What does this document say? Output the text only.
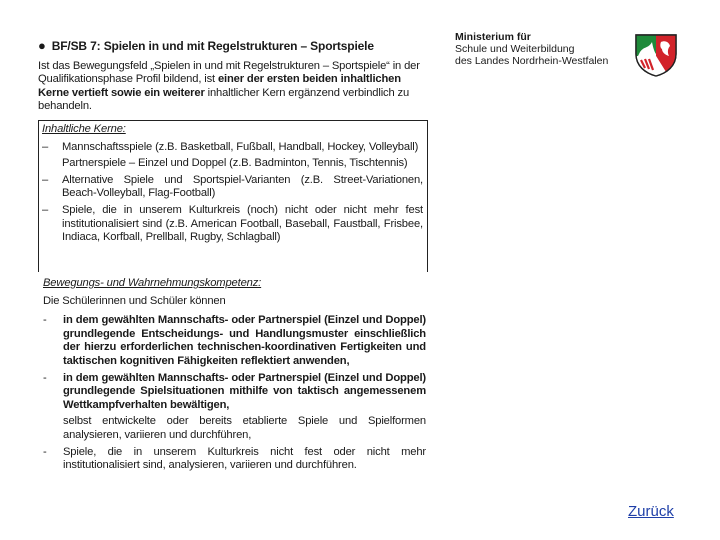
● BF/SB 7: Spielen in und mit Regelstrukturen – Sportspiele

Ist das Bewegungsfeld „Spielen in und mit Regelstrukturen – Sportspiele“ in der Qualifikationsphase Profil bildend, ist einer der ersten beiden inhaltlichen Kerne vertieft sowie ein weiterer inhaltlicher Kern ergänzend verbindlich zu behandeln.

Inhaltliche Kerne:
–	Mannschaftsspiele (z.B. Basketball, Fußball, Handball, Hockey, Volleyball)
Partnerspiele – Einzel und Doppel (z.B. Badminton, Tennis, Tischtennis)
–	Alternative Spiele und Sportspiel-Varianten (z.B. Street-Variationen, Beach-Volleyball, Flag-Football)
–	Spiele, die in unserem Kulturkreis (noch) nicht oder nicht mehr fest institutionalisiert sind (z.B. American Football, Baseball, Faustball, Frisbee, Indiaca, Korfball, Prellball, Rugby, Schlagball)
Bewegungs- und Wahrnehmungskompetenz:
Die Schülerinnen und Schüler können
-	in dem gewählten Mannschafts- oder Partnerspiel (Einzel und Doppel) grundlegende Entscheidungs- und Handlungsmuster einschließlich der hierzu erforderlichen technischen-koordinativen Fertigkeiten und taktischen kognitiven Fähigkeiten reflektiert anwenden,
-	in dem gewählten Mannschafts- oder Partnerspiel (Einzel und Doppel) grundlegende Spielsituationen mithilfe von taktisch angemessenem Wettkampfverhalten bewältigen,
selbst entwickelte oder bereits etablierte Spiele und Spielformen analysieren, variieren und durchführen,
-	Spiele, die in unserem Kulturkreis nicht fest oder nicht mehr institutionalisiert sind, analysieren, variieren und durchführen.
Ministerium für
Schule und Weiterbildung
des Landes Nordrhein-Westfalen
Zurück
